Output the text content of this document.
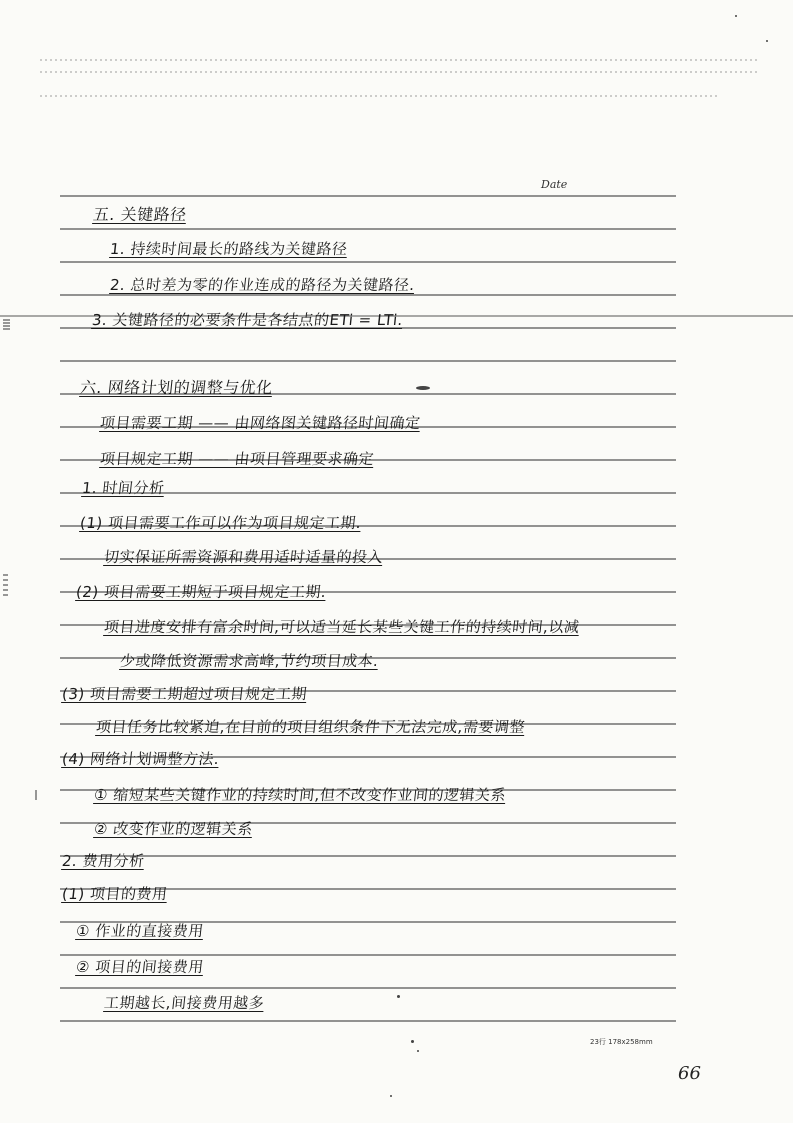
Date
五. 关键路径
1. 持续时间最长的路线为关键路径
2. 总时差为零的作业连成的路径为关键路径.
3. 关键路径的必要条件是各结点的ETi = LTi.
六. 网络计划的调整与优化
项目需要工期 —— 由网络图关键路径时间确定
项目规定工期 —— 由项目管理要求确定
1. 时间分析
(1) 项目需要工作可以作为项目规定工期.
切实保证所需资源和费用适时适量的投入
(2) 项目需要工期短于项目规定工期.
项目进度安排有富余时间,可以适当延长某些关键工作的持续时间,以减
少或降低资源需求高峰,节约项目成本.
(3) 项目需要工期超过项目规定工期
项目任务比较紧迫,在目前的项目组织条件下无法完成,需要调整
(4) 网络计划调整方法.
① 缩短某些关键作业的持续时间,但不改变作业间的逻辑关系
② 改变作业的逻辑关系
2. 费用分析
(1) 项目的费用
① 作业的直接费用
② 项目的间接费用
工期越长,间接费用越多
23行 178x258mm
66
